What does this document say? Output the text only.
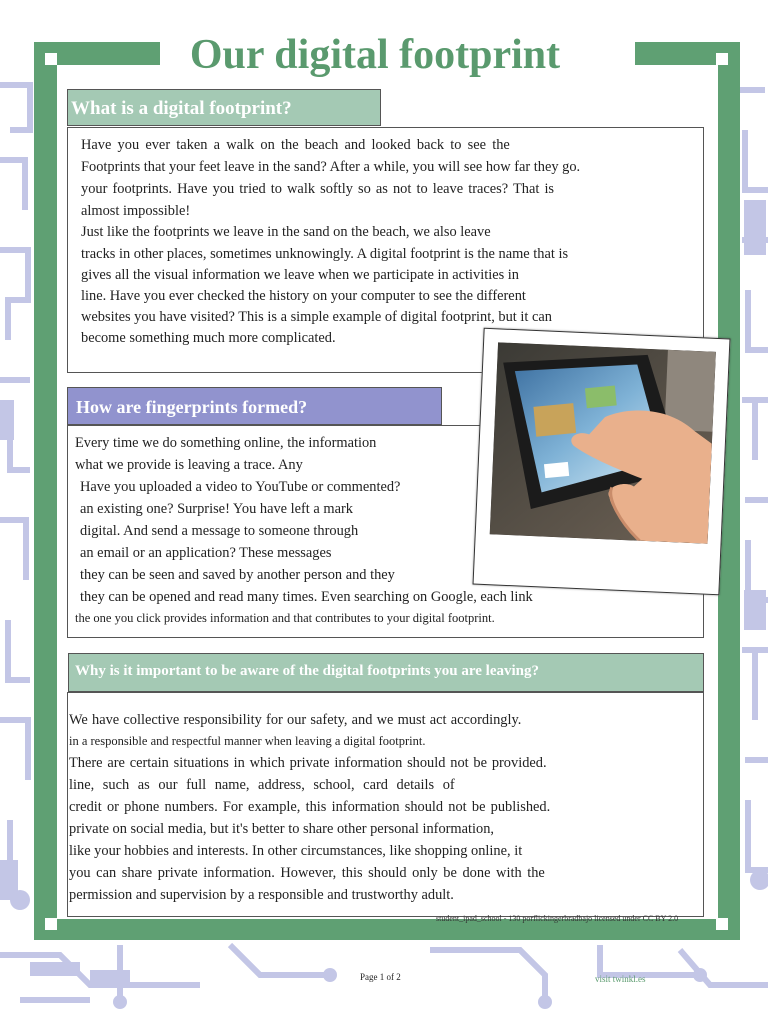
Our digital footprint
Have you ever taken a walk on the beach and looked back to see the
Footprints that your feet leave in the sand? After a while, you will see how far they go.
your footprints. Have you tried to walk softly so as not to leave traces? That is
almost impossible!
Just like the footprints we leave in the sand on the beach, we also leave
tracks in other places, sometimes unknowingly. A digital footprint is the name that is
gives all the visual information we leave when we participate in activities in
line. Have you ever checked the history on your computer to see the different
websites you have visited? This is a simple example of digital footprint, but it can
become something much more complicated.
What is a digital footprint?
Every time we do something online, the information
what we provide is leaving a trace. Any
Have you uploaded a video to YouTube or commented?
an existing one? Surprise! You have left a mark
digital. And send a message to someone through
an email or an application? These messages
they can be seen and saved by another person and they
they can be opened and read many times. Even searching on Google, each link
the one you click provides information and that contributes to your digital footprint.
How are fingerprints formed?
We have collective responsibility for our safety, and we must act accordingly.
in a responsible and respectful manner when leaving a digital footprint.
There are certain situations in which private information should not be provided.
line, such as our full name, address, school, card details of
credit or phone numbers. For example, this information should not be published.
private on social media, but it's better to share other personal information,
like your hobbies and interests. In other circumstances, like shopping online, it
you can share private information. However, this should only be done with the
permission and supervision by a responsible and trustworthy adult.
Why is it important to be aware of the digital footprints you are leaving?
student_ipad_school - 130 porflickingerbradbajo licensed under CC BY 2.0
Page 1 of 2	visit twinkl.es
